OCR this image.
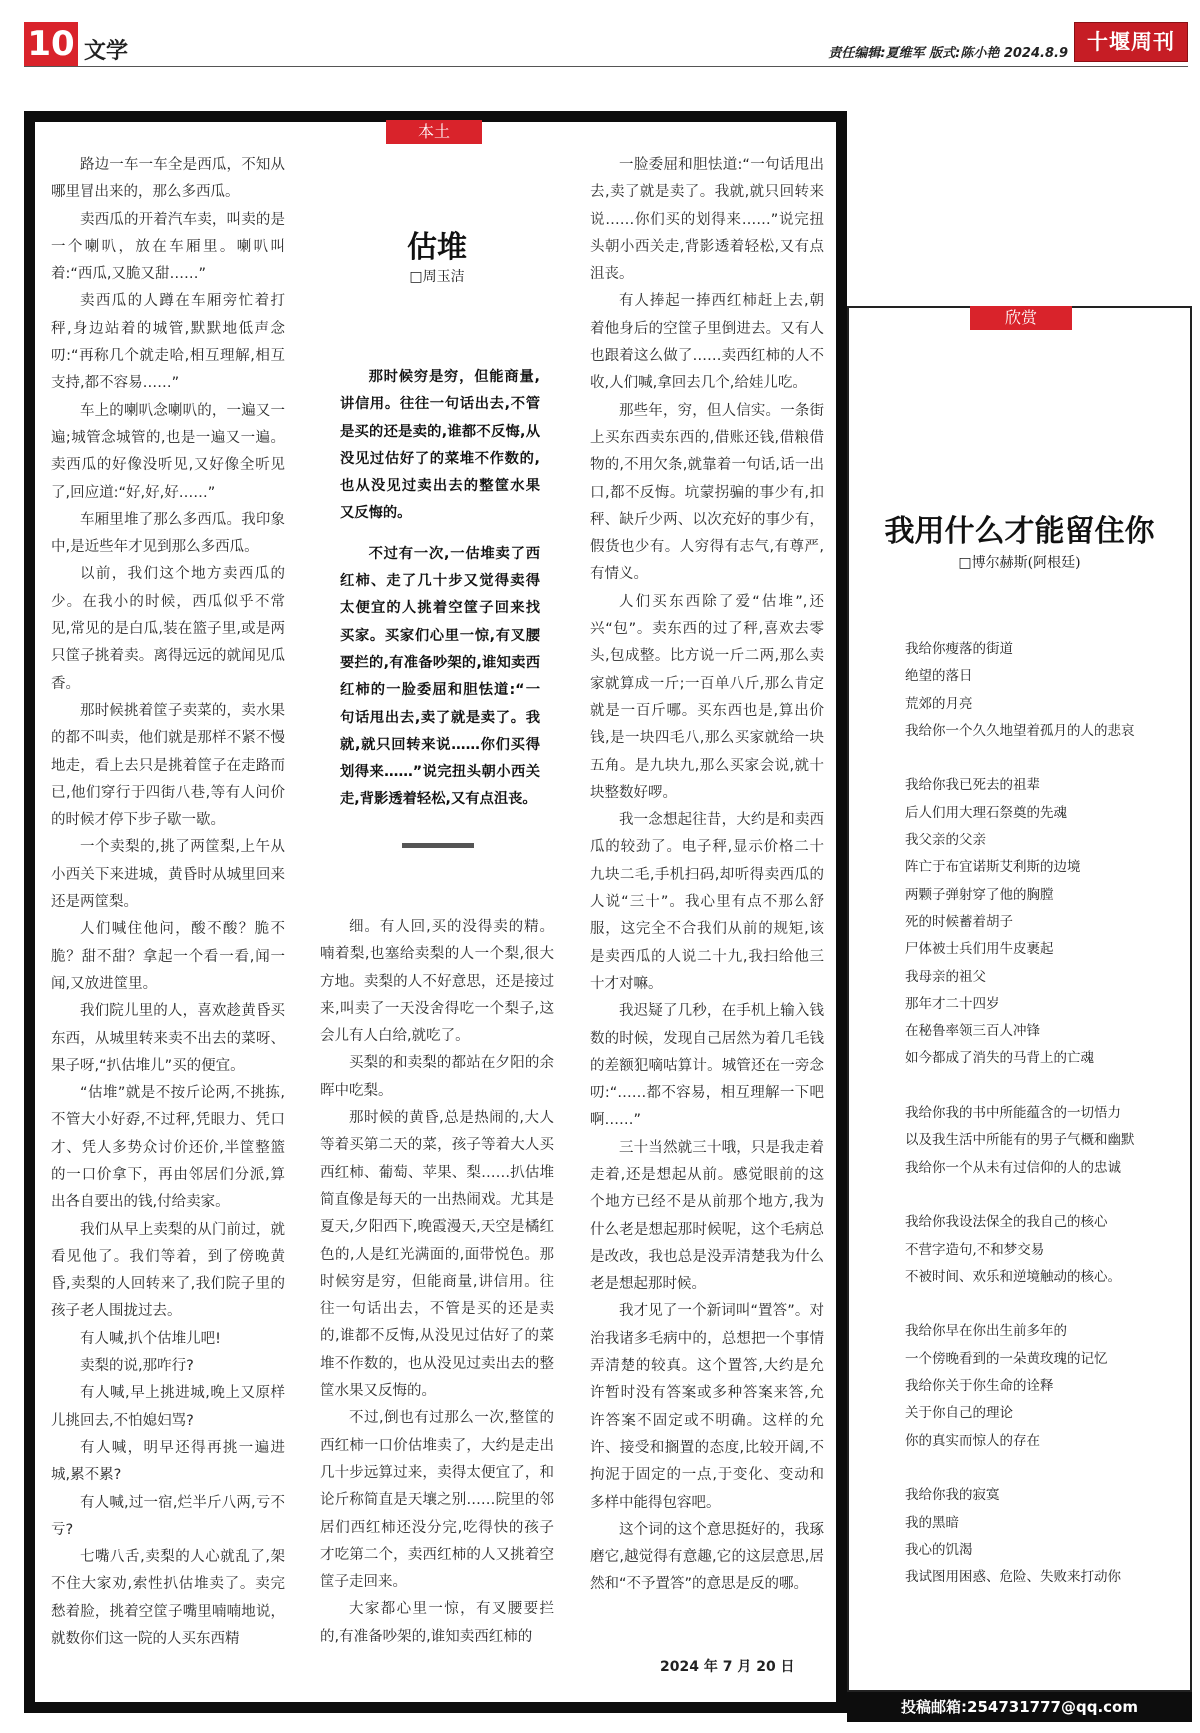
10 文学	责任编辑:夏维军 版式:陈小艳 2024.8.9 十堰周刊
本土

路边一车一车全是西瓜，不知从哪里冒出来的，那么多西瓜。

卖西瓜的开着汽车卖，叫卖的是一个喇叭，放在车厢里。喇叭叫着:“西瓜,又脆又甜……”

卖西瓜的人蹲在车厢旁忙着打秤,身边站着的城管,默默地低声念叨:“再称几个就走哈,相互理解,相互支持,都不容易……”

车上的喇叭念喇叭的，一遍又一遍;城管念城管的,也是一遍又一遍。卖西瓜的好像没听见,又好像全听见了,回应道:“好,好,好……”

车厢里堆了那么多西瓜。我印象中,是近些年才见到那么多西瓜。

以前，我们这个地方卖西瓜的少。在我小的时候，西瓜似乎不常见,常见的是白瓜,装在篮子里,或是两只筐子挑着卖。离得远远的就闻见瓜香。

那时候挑着筐子卖菜的，卖水果的都不叫卖，他们就是那样不紧不慢地走，看上去只是挑着筐子在走路而已,他们穿行于四街八巷,等有人问价的时候才停下步子歇一歇。

一个卖梨的,挑了两筐梨,上午从小西关下来进城，黄昏时从城里回来还是两筐梨。

人们喊住他问，酸不酸？脆不脆？甜不甜？拿起一个看一看,闻一闻,又放进筐里。

我们院儿里的人，喜欢趁黄昏买东西，从城里转来卖不出去的菜呀、果子呀,“扒估堆儿”买的便宜。

“估堆”就是不按斤论两,不挑拣,不管大小好孬,不过秤,凭眼力、凭口才、凭人多势众讨价还价,半筐整篮的一口价拿下，再由邻居们分派,算出各自要出的钱,付给卖家。

我们从早上卖梨的从门前过，就看见他了。我们等着，到了傍晚黄昏,卖梨的人回转来了,我们院子里的孩子老人围拢过去。

有人喊,扒个估堆儿吧!

卖梨的说,那咋行?

有人喊,早上挑进城,晚上又原样儿挑回去,不怕媳妇骂?

有人喊，明早还得再挑一遍进城,累不累?

有人喊,过一宿,烂半斤八两,亏不亏?

七嘴八舌,卖梨的人心就乱了,架不住大家劝,索性扒估堆卖了。卖完愁着脸，挑着空筐子嘴里喃喃地说，就数你们这一院的人买东西精

估堆
□周玉洁

那时候穷是穷，但能商量,讲信用。往往一句话出去,不管是买的还是卖的,谁都不反悔,从没见过估好了的菜堆不作数的,也从没见过卖出去的整筐水果又反悔的。

不过有一次,一估堆卖了西红柿、走了几十步又觉得卖得太便宜的人挑着空筐子回来找买家。买家们心里一惊,有叉腰要拦的,有准备吵架的,谁知卖西红柿的一脸委屈和胆怯道:“一句话甩出去,卖了就是卖了。我就,就只回转来说……你们买得划得来……”说完扭头朝小西关走,背影透着轻松,又有点沮丧。

细。有人回,买的没得卖的精。喃着梨,也塞给卖梨的人一个梨,很大方地。卖梨的人不好意思，还是接过来,叫卖了一天没舍得吃一个梨子,这会儿有人白给,就吃了。

买梨的和卖梨的都站在夕阳的余晖中吃梨。

那时候的黄昏,总是热闹的,大人等着买第二天的菜，孩子等着大人买西红柿、葡萄、苹果、梨……扒估堆简直像是每天的一出热闹戏。尤其是夏天,夕阳西下,晚霞漫天,天空是橘红色的,人是红光满面的,面带悦色。那时候穷是穷，但能商量,讲信用。往往一句话出去，不管是买的还是卖的,谁都不反悔,从没见过估好了的菜堆不作数的，也从没见过卖出去的整筐水果又反悔的。

不过,倒也有过那么一次,整筐的西红柿一口价估堆卖了，大约是走出几十步远算过来，卖得太便宜了，和论斤称简直是天壤之别……院里的邻居们西红柿还没分完,吃得快的孩子才吃第二个，卖西红柿的人又挑着空筐子走回来。

大家都心里一惊，有叉腰要拦的,有准备吵架的,谁知卖西红柿的

一脸委屈和胆怯道:“一句话甩出去,卖了就是卖了。我就,就只回转来说……你们买的划得来……”说完扭头朝小西关走,背影透着轻松,又有点沮丧。

有人捧起一捧西红柿赶上去,朝着他身后的空筐子里倒进去。又有人也跟着这么做了……卖西红柿的人不收,人们喊,拿回去几个,给娃儿吃。

那些年，穷，但人信实。一条街上买东西卖东西的,借账还钱,借粮借物的,不用欠条,就靠着一句话,话一出口,都不反悔。坑蒙拐骗的事少有,扣秤、缺斤少两、以次充好的事少有，假货也少有。人穷得有志气,有尊严,有情义。

人们买东西除了爱“估堆”,还兴“包”。卖东西的过了秤,喜欢去零头,包成整。比方说一斤二两,那么卖家就算成一斤;一百单八斤,那么肯定就是一百斤哪。买东西也是,算出价钱,是一块四毛八,那么买家就给一块五角。是九块九,那么买家会说,就十块整数好啰。

我一念想起往昔，大约是和卖西瓜的较劲了。电子秤,显示价格二十九块二毛,手机扫码,却听得卖西瓜的人说“三十”。我心里有点不那么舒服，这完全不合我们从前的规矩,该是卖西瓜的人说二十九,我扫给他三十才对嘛。

我迟疑了几秒，在手机上输入钱数的时候，发现自己居然为着几毛钱的差额犯嘀咕算计。城管还在一旁念叨:“……都不容易，相互理解一下吧啊……”

三十当然就三十哦，只是我走着走着,还是想起从前。感觉眼前的这个地方已经不是从前那个地方,我为什么老是想起那时候呢，这个毛病总是改改，我也总是没弄清楚我为什么老是想起那时候。

我才见了一个新词叫“置答”。对治我诸多毛病中的，总想把一个事情弄清楚的较真。这个置答,大约是允许暂时没有答案或多种答案来答,允许答案不固定或不明确。这样的允许、接受和搁置的态度,比较开阔,不拘泥于固定的一点,于变化、变动和多样中能得包容吧。

这个词的这个意思挺好的，我琢磨它,越觉得有意趣,它的这层意思,居然和“不予置答”的意思是反的哪。

2024 年 7 月 20 日
欣赏
我用什么才能留住你
□博尔赫斯(阿根廷)
我给你瘦落的街道
绝望的落日
荒郊的月亮
我给你一个久久地望着孤月的人的悲哀
我给你我已死去的祖辈
后人们用大理石祭奠的先魂
我父亲的父亲
阵亡于布宜诺斯艾利斯的边境
两颗子弹射穿了他的胸膛
死的时候蓄着胡子
尸体被士兵们用牛皮裹起
我母亲的祖父
那年才二十四岁
在秘鲁率领三百人冲锋
如今都成了消失的马背上的亡魂
我给你我的书中所能蕴含的一切悟力
以及我生活中所能有的男子气概和幽默
我给你一个从未有过信仰的人的忠诚
我给你我设法保全的我自己的核心
不营字造句,不和梦交易
不被时间、欢乐和逆境触动的核心。
我给你早在你出生前多年的
一个傍晚看到的一朵黄玫瑰的记忆
我给你关于你生命的诠释
关于你自己的理论
你的真实而惊人的存在
我给你我的寂寞
我的黑暗
我心的饥渴
我试图用困惑、危险、失败来打动你
投稿邮箱:254731777@qq.com
